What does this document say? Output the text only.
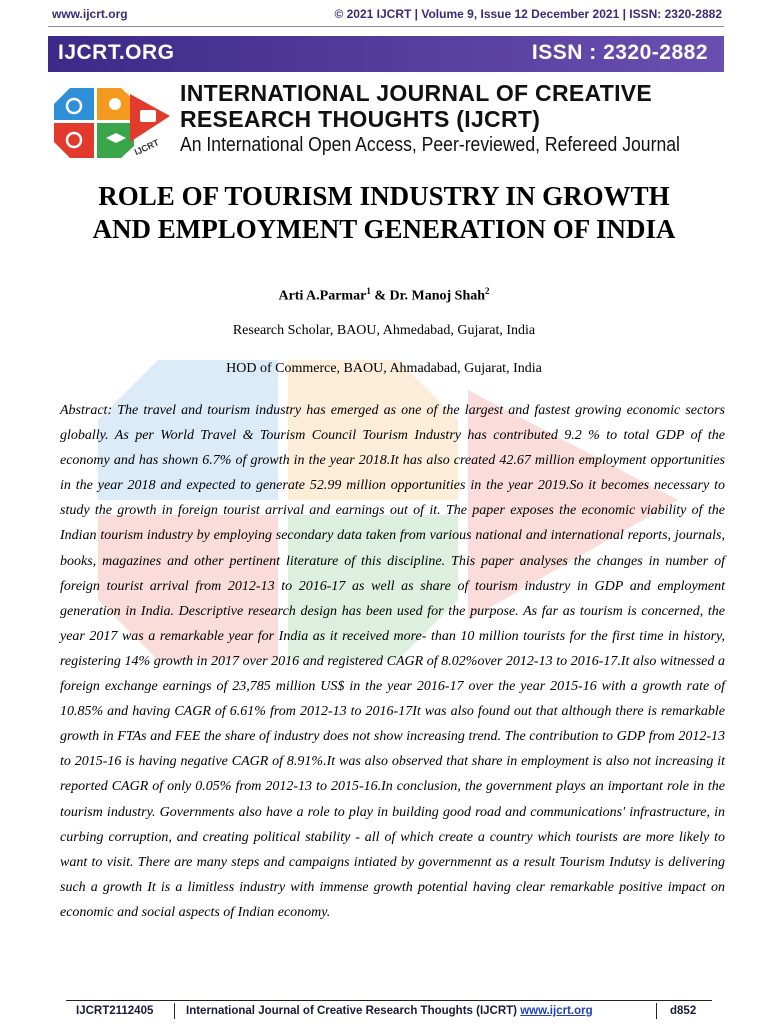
www.ijcrt.org	© 2021 IJCRT | Volume 9, Issue 12 December 2021 | ISSN: 2320-2882
IJCRT.ORG	ISSN : 2320-2882
IJCRT
INTERNATIONAL JOURNAL OF CREATIVE
RESEARCH THOUGHTS (IJCRT)
An International Open Access, Peer-reviewed, Refereed Journal
ROLE OF TOURISM INDUSTRY IN GROWTH
AND EMPLOYMENT GENERATION OF INDIA
Arti A.Parmar$^1$ & Dr. Manoj Shah$^2$
Research Scholar, BAOU, Ahmedabad, Gujarat, India
HOD of Commerce, BAOU, Ahmadabad, Gujarat, India
Abstract: The travel and tourism industry has emerged as one of the largest and fastest growing economic sectors globally. As per World Travel & Tourism Council Tourism Industry has contributed 9.2 % to total GDP of the economy and has shown 6.7% of growth in the year 2018.It has also created 42.67 million employment opportunities in the year 2018 and expected to generate 52.99 million opportunities in the year 2019.So it becomes necessary to study the growth in foreign tourist arrival and earnings out of it. The paper exposes the economic viability of the Indian tourism industry by employing secondary data taken from various national and international reports, journals, books, magazines and other pertinent literature of this discipline. This paper analyses the changes in number of foreign tourist arrival from 2012-13 to 2016-17 as well as share of tourism industry in GDP and employment generation in India. Descriptive research design has been used for the purpose. As far as tourism is concerned, the year 2017 was a remarkable year for India as it received more- than 10 million tourists for the first time in history, registering 14% growth in 2017 over 2016 and registered CAGR of 8.02%over 2012-13 to 2016-17.It also witnessed a foreign exchange earnings of 23,785 million US$ in the year 2016-17 over the year 2015-16 with a growth rate of 10.85% and having CAGR of 6.61% from 2012-13 to 2016-17It was also found out that although there is remarkable growth in FTAs and FEE the share of industry does not show increasing trend. The contribution to GDP from 2012-13 to 2015-16 is having negative CAGR of 8.91%.It was also observed that share in employment is also not increasing it reported CAGR of only 0.05% from 2012-13 to 2015-16.In conclusion, the government plays an important role in the tourism industry. Governments also have a role to play in building good road and communications' infrastructure, in curbing corruption, and creating political stability - all of which create a country which tourists are more likely to want to visit. There are many steps and campaigns intiated by governmennt as a result Tourism Indutsy is delivering such a growth It is a limitless industry with immense growth potential having clear remarkable positive impact on economic and social aspects of Indian economy.
IJCRT2112405	International Journal of Creative Research Thoughts (IJCRT) www.ijcrt.org	d852
